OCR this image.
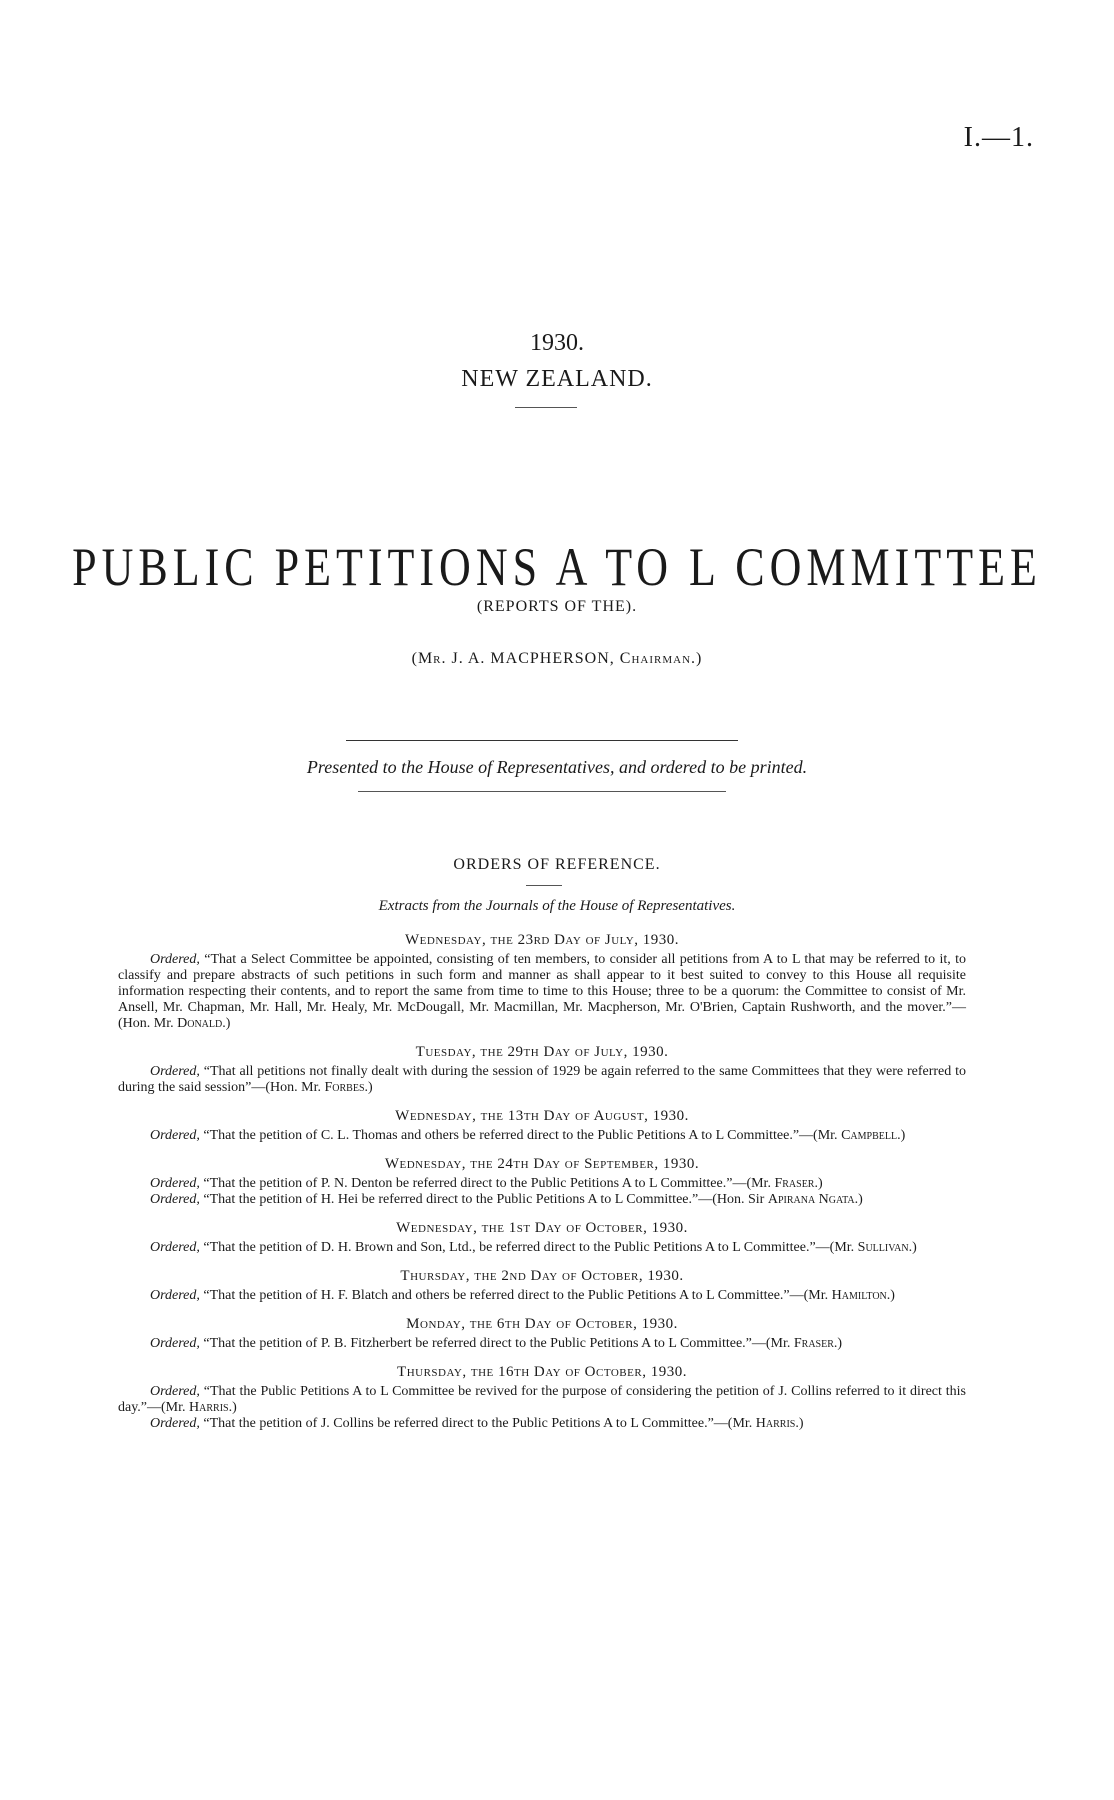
I.—1.
1930.
NEW ZEALAND.
PUBLIC PETITIONS A TO L COMMITTEE
(REPORTS OF THE).
(Mr. J. A. MACPHERSON, Chairman.)
Presented to the House of Representatives, and ordered to be printed.
ORDERS OF REFERENCE.
Extracts from the Journals of the House of Representatives.
Wednesday, the 23rd Day of July, 1930.

Ordered, “That a Select Committee be appointed, consisting of ten members, to consider all petitions from A to L that may be referred to it, to classify and prepare abstracts of such petitions in such form and manner as shall appear to it best suited to convey to this House all requisite information respecting their contents, and to report the same from time to time to this House; three to be a quorum: the Committee to consist of Mr. Ansell, Mr. Chapman, Mr. Hall, Mr. Healy, Mr. McDougall, Mr. Macmillan, Mr. Macpherson, Mr. O'Brien, Captain Rushworth, and the mover.”—(Hon. Mr. Donald.)

Tuesday, the 29th Day of July, 1930.

Ordered, “That all petitions not finally dealt with during the session of 1929 be again referred to the same Committees that they were referred to during the said session”—(Hon. Mr. Forbes.)

Wednesday, the 13th Day of August, 1930.

Ordered, “That the petition of C. L. Thomas and others be referred direct to the Public Petitions A to L Committee.”—(Mr. Campbell.)

Wednesday, the 24th Day of September, 1930.

Ordered, “That the petition of P. N. Denton be referred direct to the Public Petitions A to L Committee.”—(Mr. Fraser.)

Ordered, “That the petition of H. Hei be referred direct to the Public Petitions A to L Committee.”—(Hon. Sir Apirana Ngata.)

Wednesday, the 1st Day of October, 1930.

Ordered, “That the petition of D. H. Brown and Son, Ltd., be referred direct to the Public Petitions A to L Committee.”—(Mr. Sullivan.)

Thursday, the 2nd Day of October, 1930.

Ordered, “That the petition of H. F. Blatch and others be referred direct to the Public Petitions A to L Committee.”—(Mr. Hamilton.)

Monday, the 6th Day of October, 1930.

Ordered, “That the petition of P. B. Fitzherbert be referred direct to the Public Petitions A to L Committee.”—(Mr. Fraser.)

Thursday, the 16th Day of October, 1930.

Ordered, “That the Public Petitions A to L Committee be revived for the purpose of considering the petition of J. Collins referred to it direct this day.”—(Mr. Harris.)

Ordered, “That the petition of J. Collins be referred direct to the Public Petitions A to L Committee.”—(Mr. Harris.)
